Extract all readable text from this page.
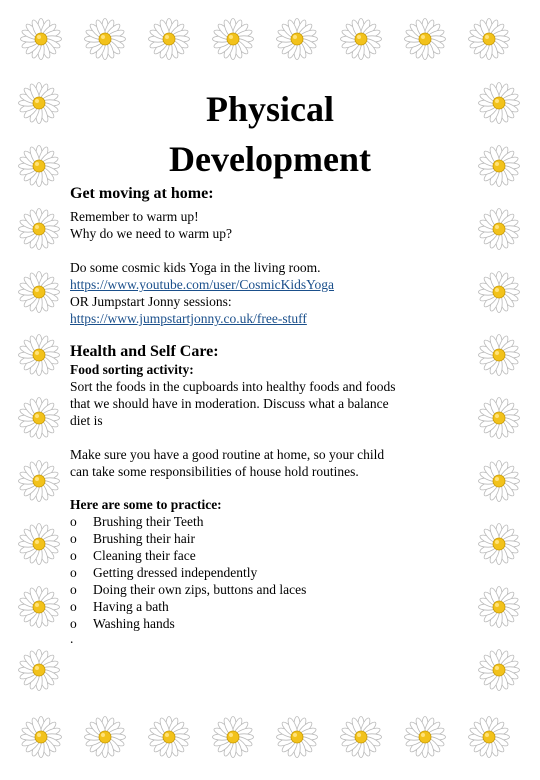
Physical
Development
Get moving at home:
Remember to warm up!
Why do we need to warm up?
Do some cosmic kids Yoga in the living room.
https://www.youtube.com/user/CosmicKidsYoga
OR Jumpstart Jonny sessions:
https://www.jumpstartjonny.co.uk/free-stuff
Health and Self Care:
Food sorting activity:
Sort the foods in the cupboards into healthy foods and foods
that we should have in moderation. Discuss what a balance
diet is
Make sure you have a good routine at home, so your child
can take some responsibilities of house hold routines.
Here are some to practice:
o Brushing their Teeth
o Brushing their hair
o Cleaning their face
o Getting dressed independently
o Doing their own zips, buttons and laces
o Having a bath
o Washing hands
.
